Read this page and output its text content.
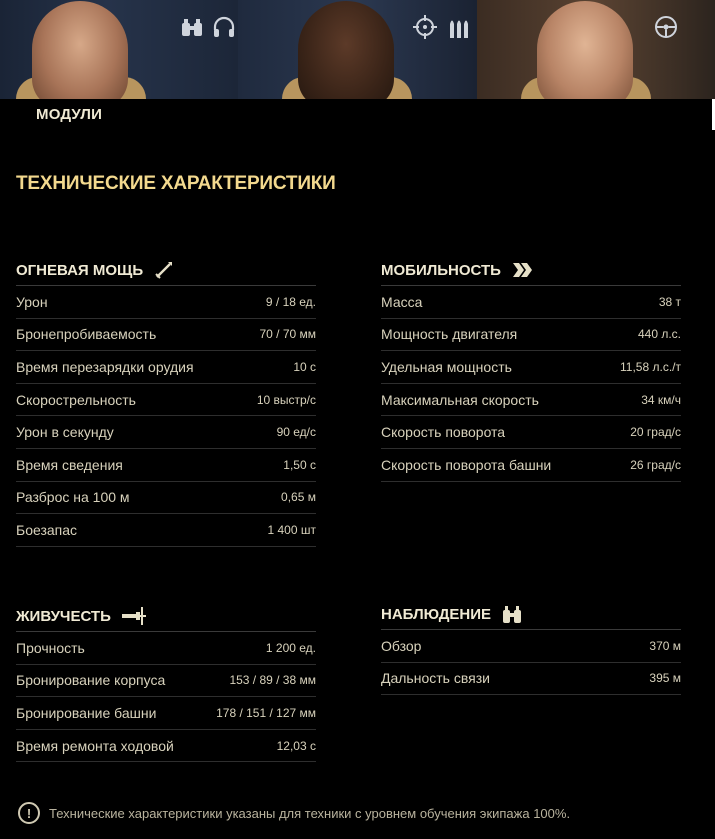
МОДУЛИ
ТЕХНИЧЕСКИЕ ХАРАКТЕРИСТИКИ
ОГНЕВАЯ МОЩЬ
Урон	9 / 18 ед.
Бронепробиваемость	70 / 70 мм
Время перезарядки орудия	10 с
Скорострельность	10 выстр/с
Урон в секунду	90 ед/с
Время сведения	1,50 с
Разброс на 100 м	0,65 м
Боезапас	1 400 шт
МОБИЛЬНОСТЬ
Масса	38 т
Мощность двигателя	440 л.с.
Удельная мощность	11,58 л.с./т
Максимальная скорость	34 км/ч
Скорость поворота	20 град/с
Скорость поворота башни	26 град/с
ЖИВУЧЕСТЬ
Прочность	1 200 ед.
Бронирование корпуса	153 / 89 / 38 мм
Бронирование башни	178 / 151 / 127 мм
Время ремонта ходовой	12,03 с
НАБЛЮДЕНИЕ
Обзор	370 м
Дальность связи	395 м
!	Технические характеристики указаны для техники с уровнем обучения экипажа 100%.
